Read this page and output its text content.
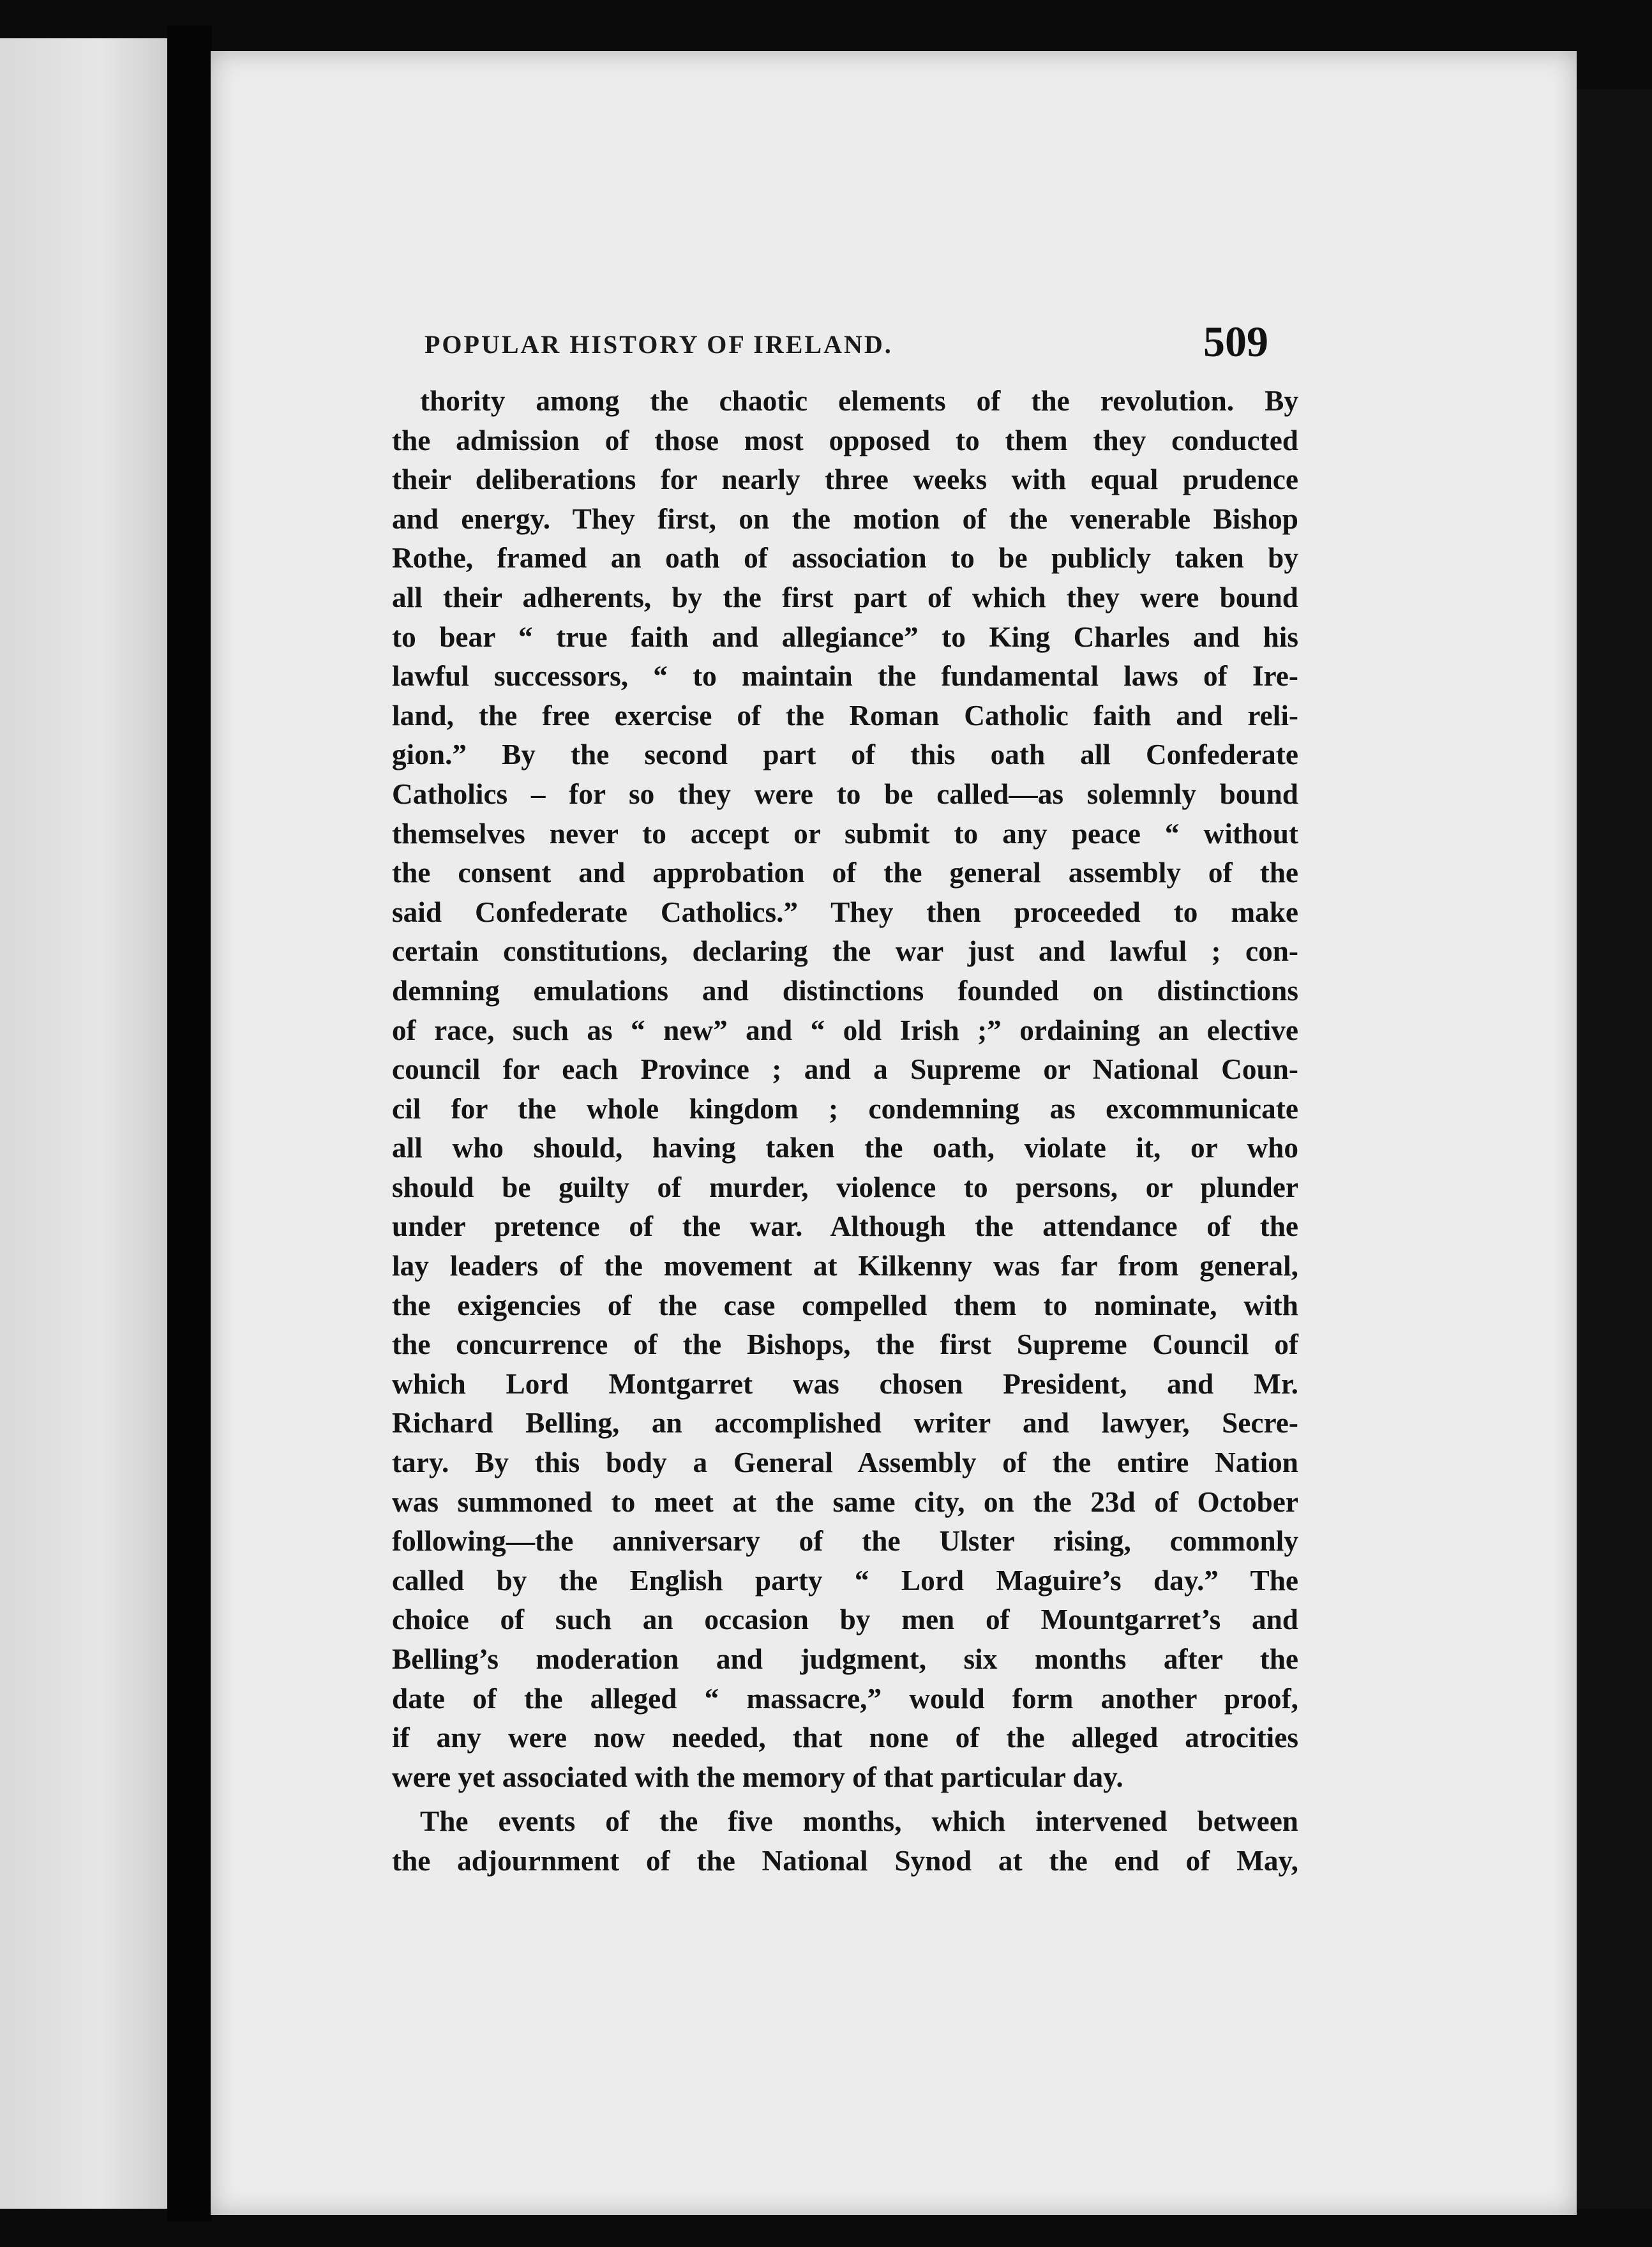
POPULAR HISTORY OF IRELAND.	509
thority among the chaotic elements of the revolution. By
the admission of those most opposed to them they conducted
their deliberations for nearly three weeks with equal prudence
and energy. They first, on the motion of the venerable Bishop
Rothe, framed an oath of association to be publicly taken by
all their adherents, by the first part of which they were bound
to bear “ true faith and allegiance” to King Charles and his
lawful successors, “ to maintain the fundamental laws of Ire-
land, the free exercise of the Roman Catholic faith and reli-
gion.” By the second part of this oath all Confederate
Catholics – for so they were to be called—as solemnly bound
themselves never to accept or submit to any peace “ without
the consent and approbation of the general assembly of the
said Confederate Catholics.” They then proceeded to make
certain constitutions, declaring the war just and lawful ; con-
demning emulations and distinctions founded on distinctions
of race, such as “ new” and “ old Irish ;” ordaining an elective
council for each Province ; and a Supreme or National Coun-
cil for the whole kingdom ; condemning as excommunicate
all who should, having taken the oath, violate it, or who
should be guilty of murder, violence to persons, or plunder
under pretence of the war. Although the attendance of the
lay leaders of the movement at Kilkenny was far from general,
the exigencies of the case compelled them to nominate, with
the concurrence of the Bishops, the first Supreme Council of
which Lord Montgarret was chosen President, and Mr.
Richard Belling, an accomplished writer and lawyer, Secre-
tary. By this body a General Assembly of the entire Nation
was summoned to meet at the same city, on the 23d of October
following—the anniversary of the Ulster rising, commonly
called by the English party “ Lord Maguire’s day.” The
choice of such an occasion by men of Mountgarret’s and
Belling’s moderation and judgment, six months after the
date of the alleged “ massacre,” would form another proof,
if any were now needed, that none of the alleged atrocities
were yet associated with the memory of that particular day.
The events of the five months, which intervened between
the adjournment of the National Synod at the end of May,
